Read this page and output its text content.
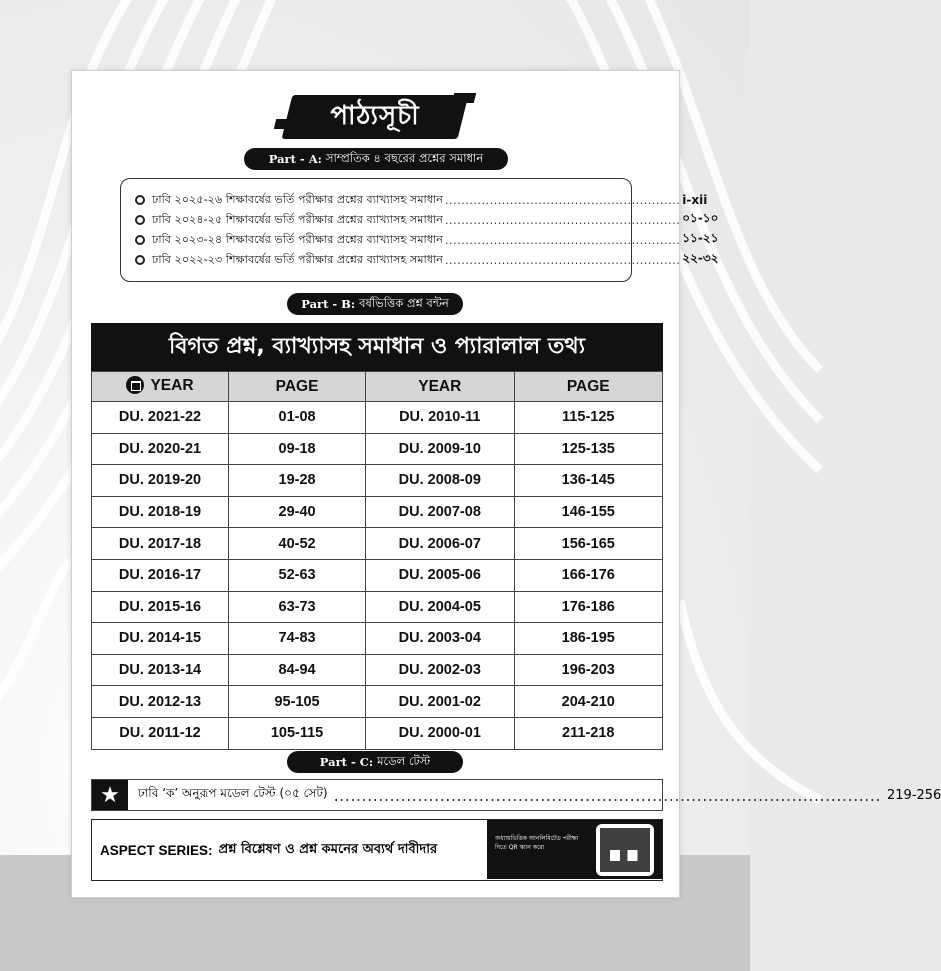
পাঠ্যসূচী
Part - A: সাম্প্রতিক ৪ বছরের প্রশ্নের সমাধান
ঢাবি ২০২৫-২৬ শিক্ষাবর্ষের ভর্তি পরীক্ষার প্রশ্নের ব্যাখ্যাসহ সমাধান .......................................................... i-xii
ঢাবি ২০২৪-২৫ শিক্ষাবর্ষের ভর্তি পরীক্ষার প্রশ্নের ব্যাখ্যাসহ সমাধান .......................................................... ০১-১০
ঢাবি ২০২৩-২৪ শিক্ষাবর্ষের ভর্তি পরীক্ষার প্রশ্নের ব্যাখ্যাসহ সমাধান .......................................................... ১১-২১
ঢাবি ২০২২-২৩ শিক্ষাবর্ষের ভর্তি পরীক্ষার প্রশ্নের ব্যাখ্যাসহ সমাধান .......................................................... ২২-৩২
Part - B: বর্ষভিত্তিক প্রশ্ন বন্টন
বিগত প্রশ্ন, ব্যাখ্যাসহ সমাধান ও প্যারালাল তথ্য
YEAR	PAGE	YEAR	PAGE
DU. 2021-22	01-08	DU. 2010-11	115-125
DU. 2020-21	09-18	DU. 2009-10	125-135
DU. 2019-20	19-28	DU. 2008-09	136-145
DU. 2018-19	29-40	DU. 2007-08	146-155
DU. 2017-18	40-52	DU. 2006-07	156-165
DU. 2016-17	52-63	DU. 2005-06	166-176
DU. 2015-16	63-73	DU. 2004-05	176-186
DU. 2014-15	74-83	DU. 2003-04	186-195
DU. 2013-14	84-94	DU. 2002-03	196-203
DU. 2012-13	95-105	DU. 2001-02	204-210
DU. 2011-12	105-115	DU. 2000-01	211-218
Part - C: মডেল টেস্ট
★	ঢাবি ‘ক’ অনুরূপ মডেল টেস্ট (০৫ সেট) .................................................................................................. 219-256
ASPECT SERIES: প্রশ্ন বিশ্লেষণ ও প্রশ্ন কমনের অব্যর্থ দাবীদার
অধ্যায়ভিত্তিক আনলিমিটেড পরীক্ষা দিতে QR স্ক্যান করো
